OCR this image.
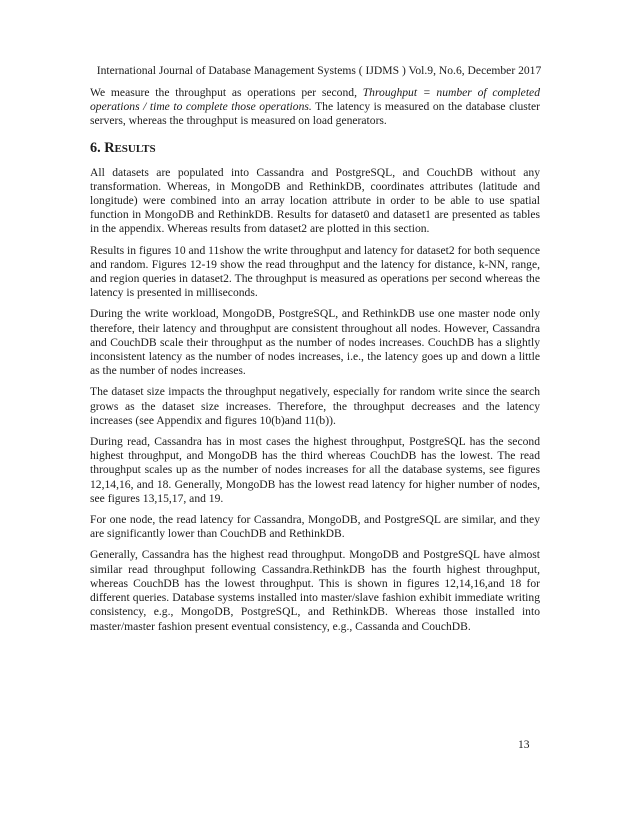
International Journal of Database Management Systems ( IJDMS ) Vol.9, No.6, December 2017

We measure the throughput as operations per second, Throughput = number of completed operations / time to complete those operations. The latency is measured on the database cluster servers, whereas the throughput is measured on load generators.

6. RESULTS

All datasets are populated into Cassandra and PostgreSQL, and CouchDB without any transformation. Whereas, in MongoDB and RethinkDB, coordinates attributes (latitude and longitude) were combined into an array location attribute in order to be able to use spatial function in MongoDB and RethinkDB. Results for dataset0 and dataset1 are presented as tables in the appendix. Whereas results from dataset2 are plotted in this section.

Results in figures 10 and 11show the write throughput and latency for dataset2 for both sequence and random. Figures 12-19 show the read throughput and the latency for distance, k-NN, range, and region queries in dataset2. The throughput is measured as operations per second whereas the latency is presented in milliseconds.

During the write workload, MongoDB, PostgreSQL, and RethinkDB use one master node only therefore, their latency and throughput are consistent throughout all nodes. However, Cassandra and CouchDB scale their throughput as the number of nodes increases. CouchDB has a slightly inconsistent latency as the number of nodes increases, i.e., the latency goes up and down a little as the number of nodes increases.

The dataset size impacts the throughput negatively, especially for random write since the search grows as the dataset size increases. Therefore, the throughput decreases and the latency increases (see Appendix and figures 10(b)and 11(b)).

During read, Cassandra has in most cases the highest throughput, PostgreSQL has the second highest throughput, and MongoDB has the third whereas CouchDB has the lowest. The read throughput scales up as the number of nodes increases for all the database systems, see figures 12,14,16, and 18. Generally, MongoDB has the lowest read latency for higher number of nodes, see figures 13,15,17, and 19.

For one node, the read latency for Cassandra, MongoDB, and PostgreSQL are similar, and they are significantly lower than CouchDB and RethinkDB.

Generally, Cassandra has the highest read throughput. MongoDB and PostgreSQL have almost similar read throughput following Cassandra.RethinkDB has the fourth highest throughput, whereas CouchDB has the lowest throughput. This is shown in figures 12,14,16,and 18 for different queries. Database systems installed into master/slave fashion exhibit immediate writing consistency, e.g., MongoDB, PostgreSQL, and RethinkDB. Whereas those installed into master/master fashion present eventual consistency, e.g., Cassanda and CouchDB.

13
